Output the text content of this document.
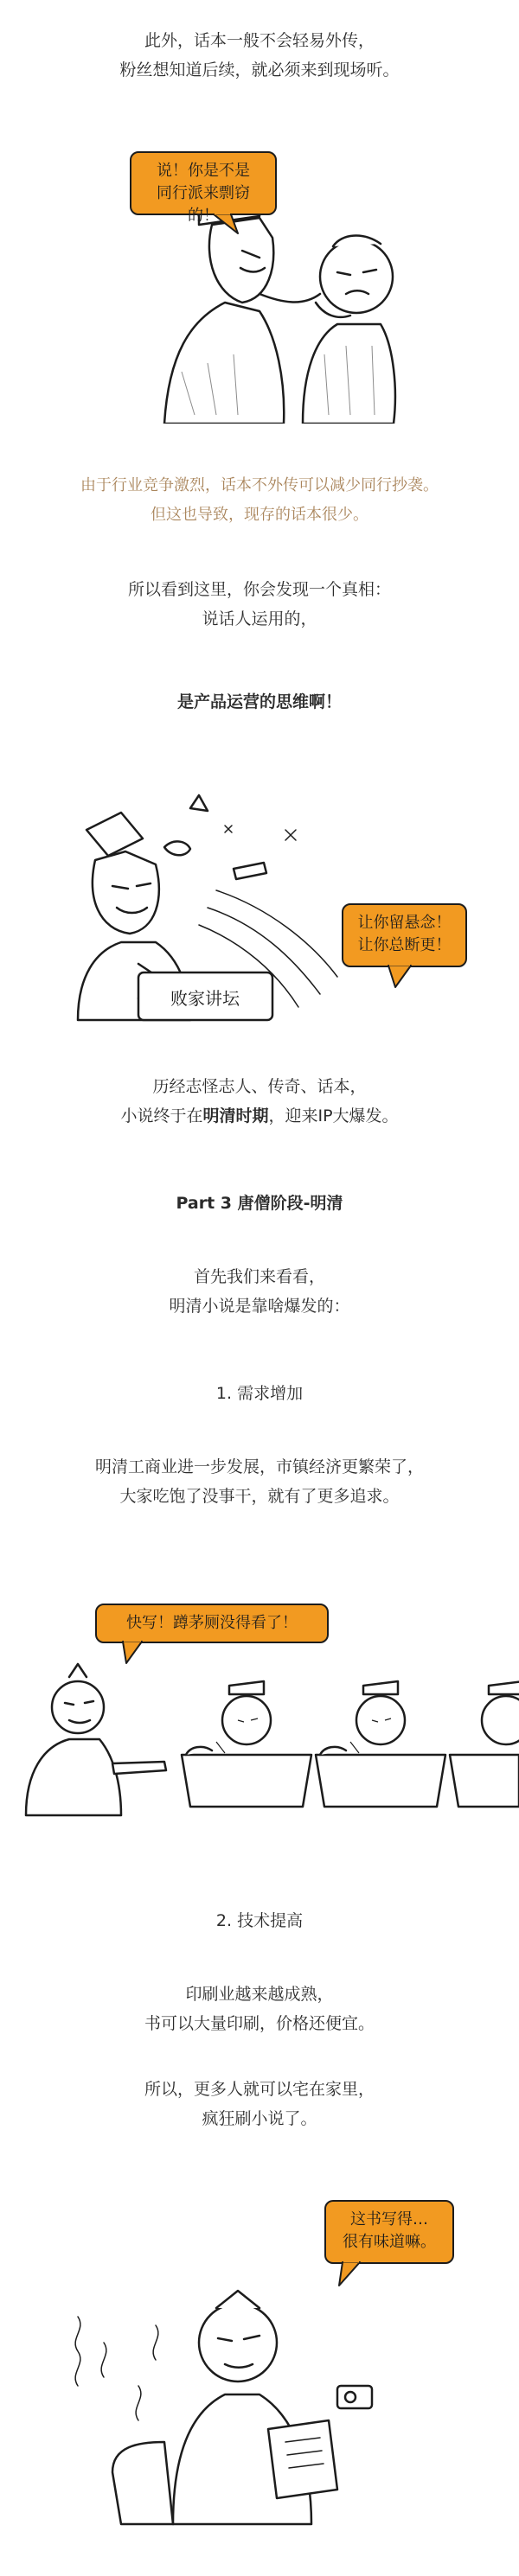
此外，话本一般不会轻易外传，
粉丝想知道后续，就必须来到现场听。
说！你是不是
同行派来剽窃的！
由于行业竞争激烈，话本不外传可以减少同行抄袭。
但这也导致，现存的话本很少。
所以看到这里，你会发现一个真相：
说话人运用的，
是产品运营的思维啊！
败家讲坛
让你留悬念！
让你总断更！
历经志怪志人、传奇、话本，
小说终于在明清时期，迎来IP大爆发。
Part 3 唐僧阶段-明清
首先我们来看看，
明清小说是靠啥爆发的：
1. 需求增加
明清工商业进一步发展，市镇经济更繁荣了，
大家吃饱了没事干，就有了更多追求。
快写！蹲茅厕没得看了！
2. 技术提高
印刷业越来越成熟，
书可以大量印刷，价格还便宜。
所以，更多人就可以宅在家里，
疯狂刷小说了。
这书写得…
很有味道嘛。
